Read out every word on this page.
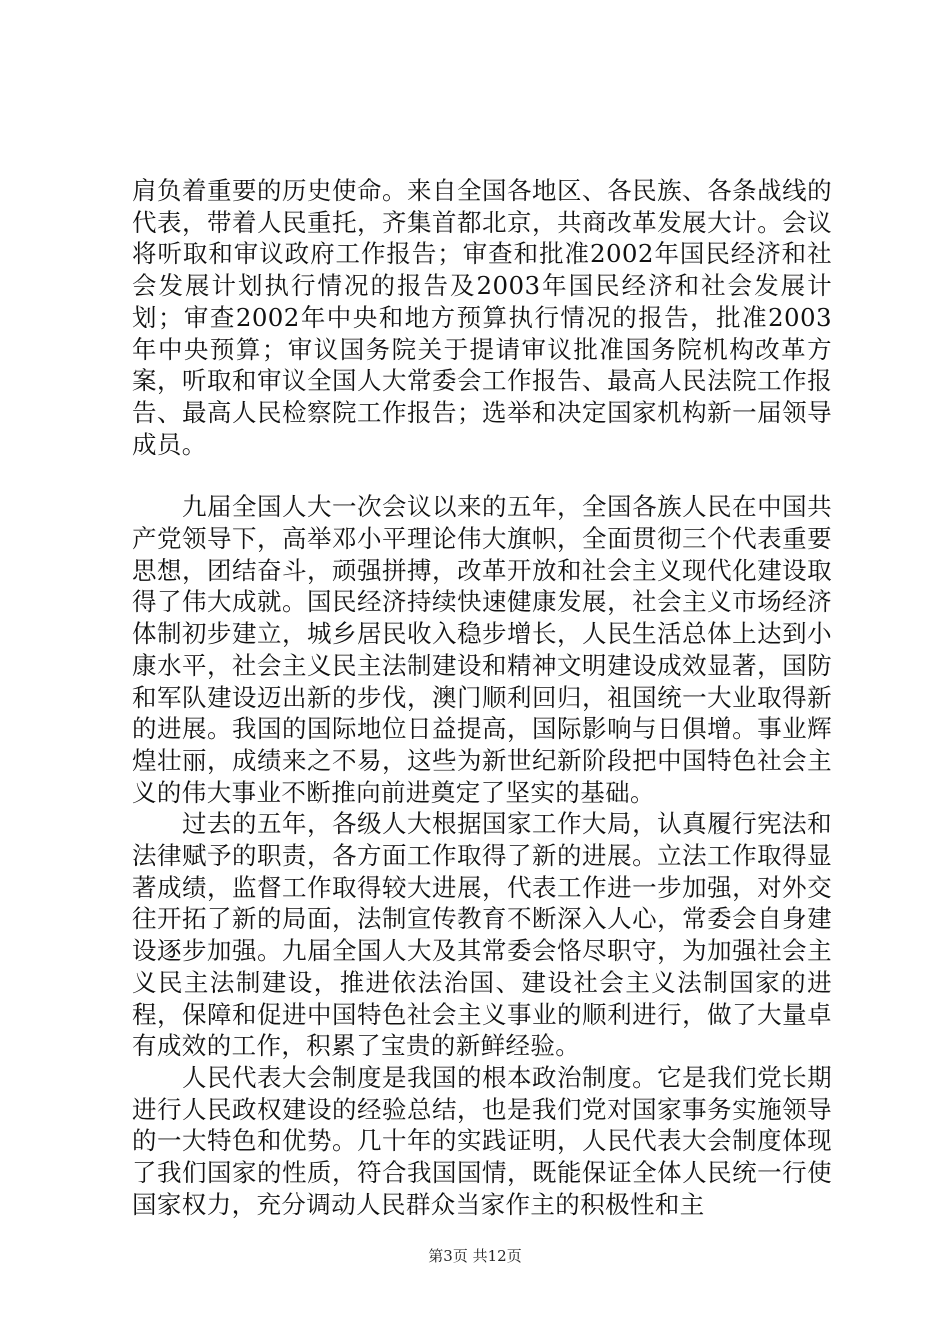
肩负着重要的历史使命。来自全国各地区、各民族、各条战线的代表，带着人民重托，齐集首都北京，共商改革发展大计。会议将听取和审议政府工作报告；审查和批准2002年国民经济和社会发展计划执行情况的报告及2003年国民经济和社会发展计划；审查2002年中央和地方预算执行情况的报告，批准2003年中央预算；审议国务院关于提请审议批准国务院机构改革方案，听取和审议全国人大常委会工作报告、最高人民法院工作报告、最高人民检察院工作报告；选举和决定国家机构新一届领导成员。

九届全国人大一次会议以来的五年，全国各族人民在中国共产党领导下，高举邓小平理论伟大旗帜，全面贯彻三个代表重要思想，团结奋斗，顽强拼搏，改革开放和社会主义现代化建设取得了伟大成就。国民经济持续快速健康发展，社会主义市场经济体制初步建立，城乡居民收入稳步增长，人民生活总体上达到小康水平，社会主义民主法制建设和精神文明建设成效显著，国防和军队建设迈出新的步伐，澳门顺利回归，祖国统一大业取得新的进展。我国的国际地位日益提高，国际影响与日俱增。事业辉煌壮丽，成绩来之不易，这些为新世纪新阶段把中国特色社会主义的伟大事业不断推向前进奠定了坚实的基础。

过去的五年，各级人大根据国家工作大局，认真履行宪法和法律赋予的职责，各方面工作取得了新的进展。立法工作取得显著成绩，监督工作取得较大进展，代表工作进一步加强，对外交往开拓了新的局面，法制宣传教育不断深入人心，常委会自身建设逐步加强。九届全国人大及其常委会恪尽职守，为加强社会主义民主法制建设，推进依法治国、建设社会主义法制国家的进程，保障和促进中国特色社会主义事业的顺利进行，做了大量卓有成效的工作，积累了宝贵的新鲜经验。

人民代表大会制度是我国的根本政治制度。它是我们党长期进行人民政权建设的经验总结，也是我们党对国家事务实施领导的一大特色和优势。几十年的实践证明，人民代表大会制度体现了我们国家的性质，符合我国国情，既能保证全体人民统一行使国家权力，充分调动人民群众当家作主的积极性和主

第3页 共12页
